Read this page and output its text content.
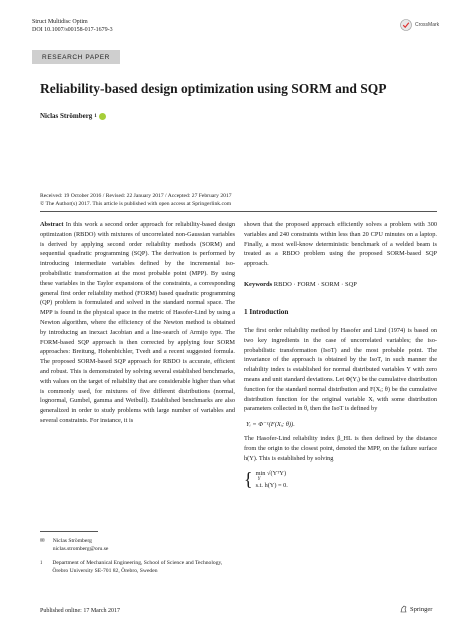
Struct Multidisc Optim
DOI 10.1007/s00158-017-1679-3
CrossMark
RESEARCH PAPER
Reliability-based design optimization using SORM and SQP
Niclas Strömberg 1
Received: 19 October 2016 / Revised: 22 January 2017 / Accepted: 27 February 2017
© The Author(s) 2017. This article is published with open access at Springerlink.com

Abstract In this work a second order approach for reliability-based design optimization (RBDO) with mixtures of uncorrelated non-Gaussian variables is derived by applying second order reliability methods (SORM) and sequential quadratic programming (SQP). The derivation is performed by introducing intermediate variables defined by the incremental iso-probabilistic transformation at the most probable point (MPP). By using these variables in the Taylor expansions of the constraints, a corresponding general first order reliability method (FORM) based quadratic programming (QP) problem is formulated and solved in the standard normal space. The MPP is found in the physical space in the metric of Hasofer-Lind by using a Newton algorithm, where the efficiency of the Newton method is obtained by introducing an inexact Jacobian and a line-search of Armijo type. The FORM-based SQP approach is then corrected by applying four SORM approaches: Breitung, Hohenbichler, Tvedt and a recent suggested formula. The proposed SORM-based SQP approach for RBDO is accurate, efficient and robust. This is demonstrated by solving several established benchmarks, with values on the target of reliability that are considerable higher than what is commonly used, for mixtures of five different distributions (normal, lognormal, Gumbel, gamma and Weibull). Established benchmarks are also generalized in order to study problems with large number of variables and several constraints. For instance, it is

shown that the proposed approach efficiently solves a problem with 300 variables and 240 constraints within less than 20 CPU minutes on a laptop. Finally, a most well-know deterministic benchmark of a welded beam is treated as a RBDO problem using the proposed SORM-based SQP approach.

Keywords RBDO · FORM · SORM · SQP
1 Introduction

The first order reliability method by Hasofer and Lind (1974) is based on two key ingredients in the case of uncorrelated variables; the iso-probabilistic transformation (IsoT) and the most probable point. The invariance of the approach is obtained by the IsoT, in such manner the reliability index is established for normal distributed variables Y with zero means and unit standard deviations. Let Φ(Yᵢ) be the cumulative distribution function for the standard normal distribution and F(Xᵢ; θ) be the cumulative distribution function for the original variable Xᵢ with some distribution parameters collected in θ, then the IsoT is defined by

Yᵢ = Φ⁻¹(F(Xᵢ; θ)).

The Hasofer-Lind reliability index β_HL is then defined by the distance from the origin to the closest point, denoted the MPP, on the failure surface h(Y). This is established by solving

{ min √(YᵀY)
Y
s.t. h(Y) = 0.
✉ Niclas Strömberg
niclas.stromberg@oru.se
1 Department of Mechanical Engineering, School of Science and Technology, Örebro University SE-701 82, Örebro, Sweden
Published online: 17 March 2017	Springer
